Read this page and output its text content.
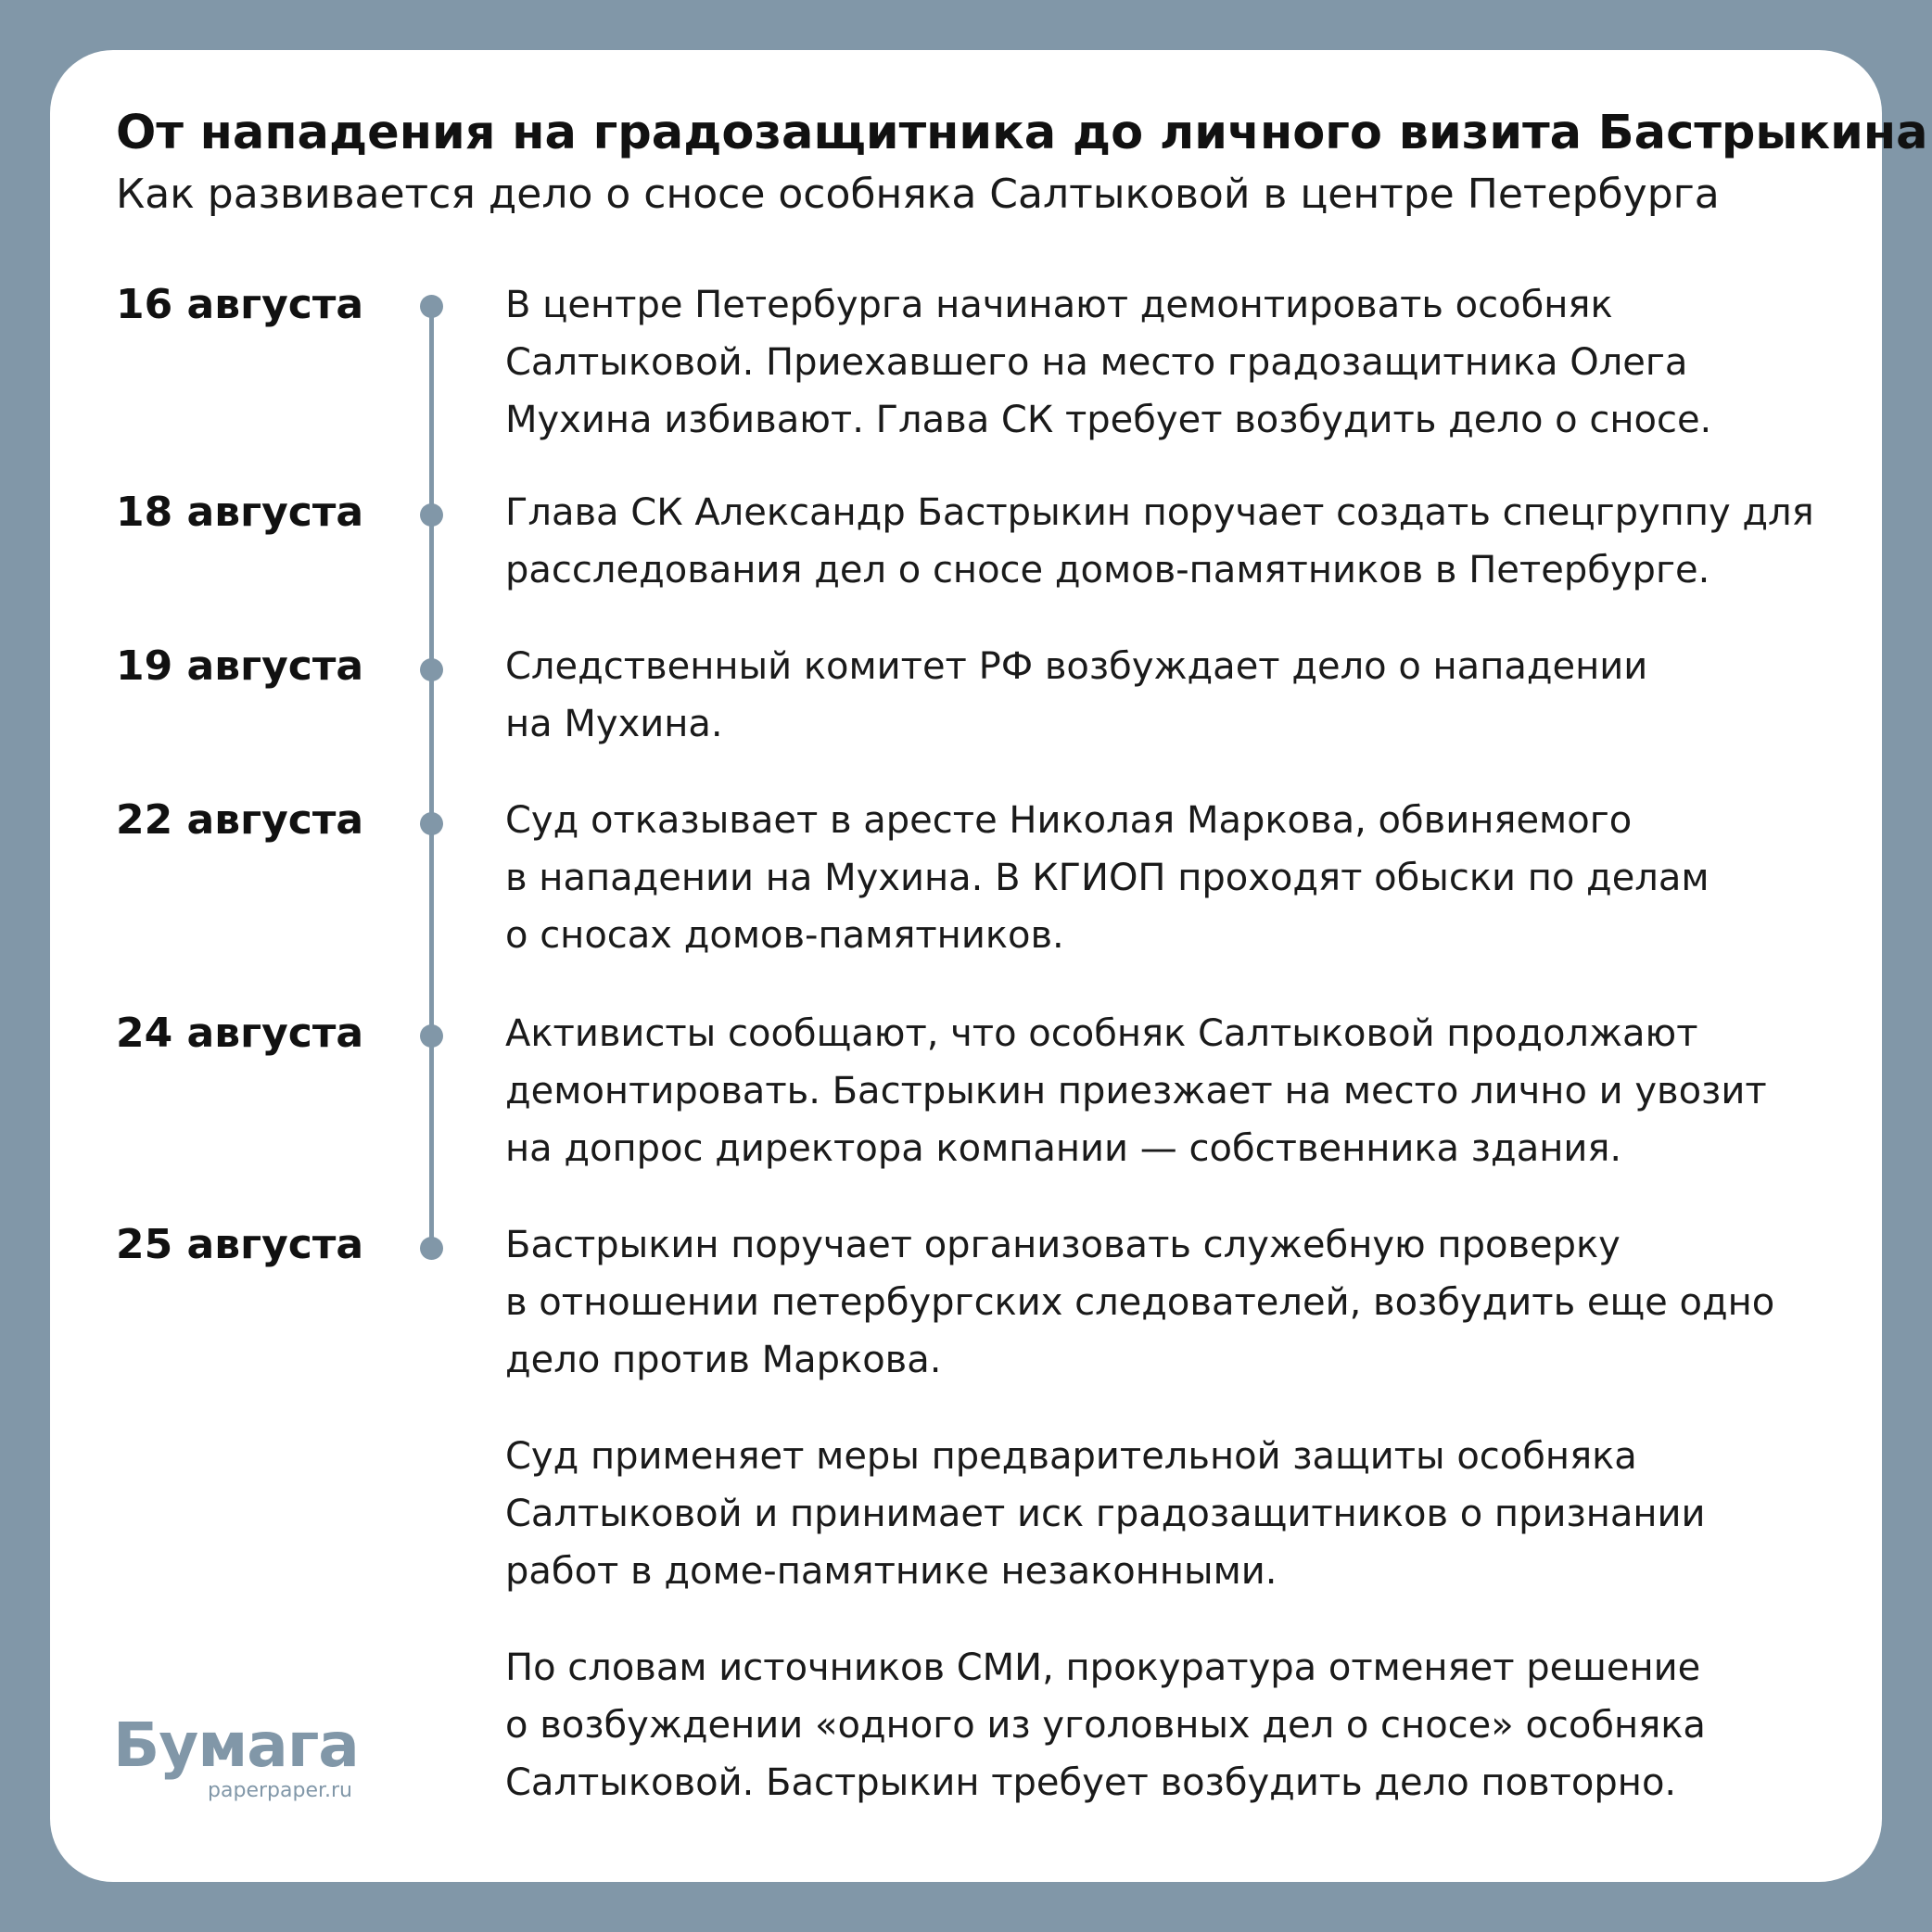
От нападения на градозащитника до личного визита Бастрыкина
Как развивается дело о сносе особняка Салтыковой в центре Петербурга
16 августа	В центре Петербурга начинают демонтировать особняк
Салтыковой. Приехавшего на место градозащитника Олега
Мухина избивают. Глава СК требует возбудить дело о сносе.
18 августа	Глава СК Александр Бастрыкин поручает создать спецгруппу для
расследования дел о сносе домов-памятников в Петербурге.
19 августа	Следственный комитет РФ возбуждает дело о нападении
на Мухина.
22 августа	Суд отказывает в аресте Николая Маркова, обвиняемого
в нападении на Мухина. В КГИОП проходят обыски по делам
о сносах домов-памятников.
24 августа	Активисты сообщают, что особняк Салтыковой продолжают
демонтировать. Бастрыкин приезжает на место лично и увозит
на допрос директора компании — собственника здания.
25 августа	Бастрыкин поручает организовать служебную проверку
в отношении петербургских следователей, возбудить еще одно
дело против Маркова.
Суд применяет меры предварительной защиты особняка
Салтыковой и принимает иск градозащитников о признании
работ в доме-памятнике незаконными.
По словам источников СМИ, прокуратура отменяет решение
о возбуждении «одного из уголовных дел о сносе» особняка
Салтыковой. Бастрыкин требует возбудить дело повторно.
Бумага
paperpaper.ru
